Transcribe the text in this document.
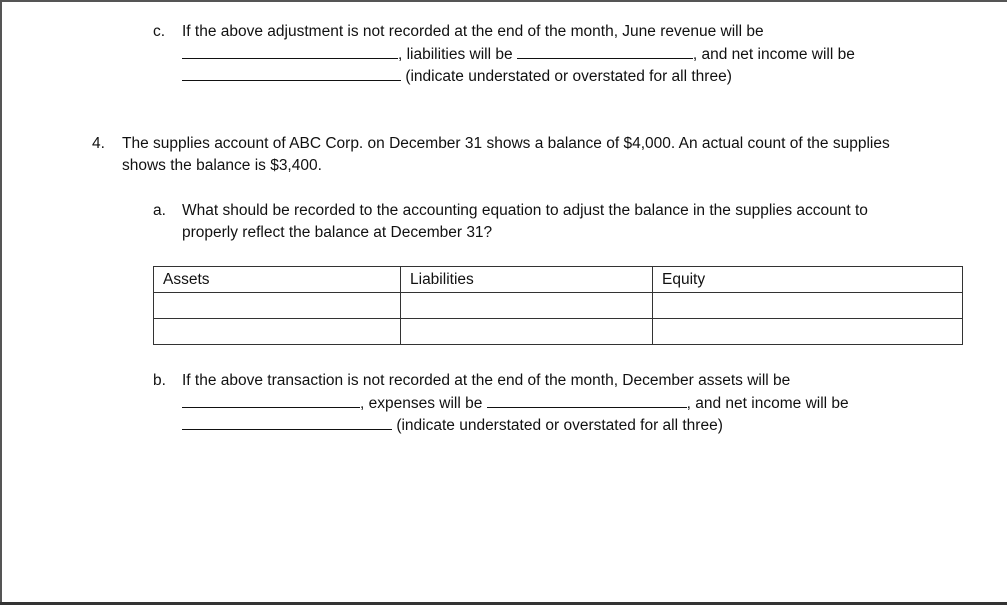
c. If the above adjustment is not recorded at the end of the month, June revenue will be
, liabilities will be	, and net income will be
(indicate understated or overstated for all three)
4. The supplies account of ABC Corp. on December 31 shows a balance of $4,000. An actual count of the supplies
shows the balance is $3,400.
a. What should be recorded to the accounting equation to adjust the balance in the supplies account to
properly reflect the balance at December 31?
Assets	Liabilities	Equity

b. If the above transaction is not recorded at the end of the month, December assets will be
, expenses will be	, and net income will be
(indicate understated or overstated for all three)
